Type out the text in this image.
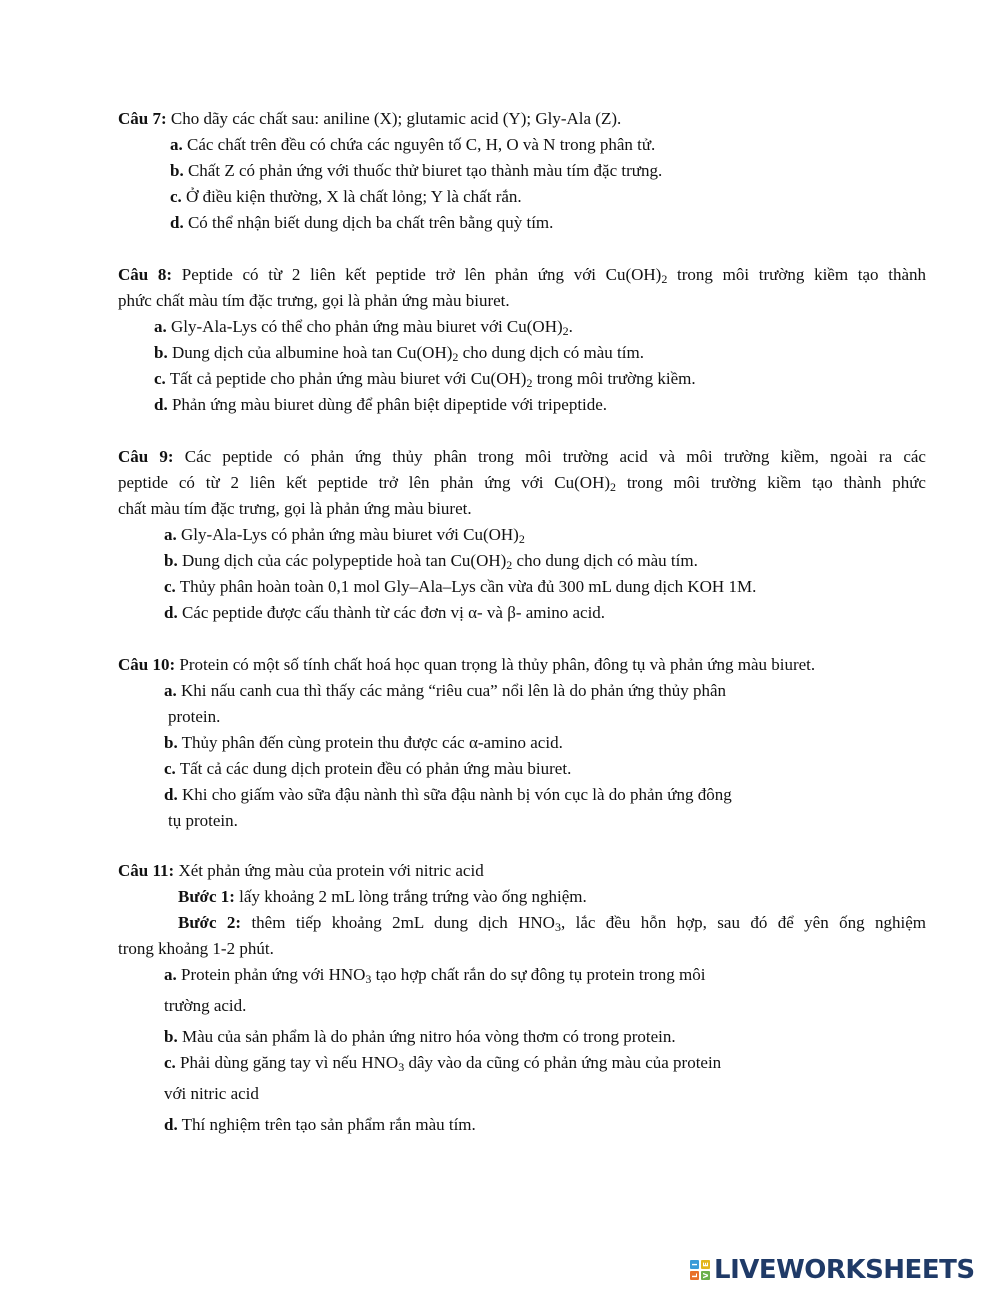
Câu 7: Cho dãy các chất sau: aniline (X); glutamic acid (Y); Gly-Ala (Z).

a. Các chất trên đều có chứa các nguyên tố C, H, O và N trong phân tử.

b. Chất Z có phản ứng với thuốc thử biuret tạo thành màu tím đặc trưng.

c. Ở điều kiện thường, X là chất lỏng; Y là chất rắn.

d. Có thể nhận biết dung dịch ba chất trên bằng quỳ tím.

Câu 8: Peptide có từ 2 liên kết peptide trở lên phản ứng với $Cu(OH)_2$ trong môi trường kiềm tạo thành

phức chất màu tím đặc trưng, gọi là phản ứng màu biuret.

a. Gly-Ala-Lys có thể cho phản ứng màu biuret với $Cu(OH)_2$.

b. Dung dịch của albumine hoà $\tan Cu(OH)_2$ cho dung dịch có màu tím.

c. Tất cả peptide cho phản ứng màu biuret với $Cu(OH)_2$ trong môi trường kiềm.

d. Phản ứng màu biuret dùng để phân biệt dipeptide với tripeptide.

Câu 9: Các peptide có phản ứng thủy phân trong môi trường acid và môi trường kiềm, ngoài ra các

peptide có từ 2 liên kết peptide trở lên phản ứng với $Cu(OH)_2$ trong môi trường kiềm tạo thành phức

chất màu tím đặc trưng, gọi là phản ứng màu biuret.

a. Gly-Ala-Lys có phản ứng màu biuret với $Cu(OH)_2$

b. Dung dịch của các polypeptide hoà $\tan Cu(OH)_2$ cho dung dịch có màu tím.

c. Thủy phân hoàn toàn 0,1 mol Gly–Ala–Lys cần vừa đủ 300 mL dung dịch KOH 1M.

d. Các peptide được cấu thành từ các đơn vị α- và β- amino acid.

Câu 10: Protein có một số tính chất hoá học quan trọng là thủy phân, đông tụ và phản ứng màu biuret.

a. Khi nấu canh cua thì thấy các mảng “riêu cua” nổi lên là do phản ứng thủy phân

protein.

b. Thủy phân đến cùng protein thu được các α-amino acid.

c. Tất cả các dung dịch protein đều có phản ứng màu biuret.

d. Khi cho giấm vào sữa đậu nành thì sữa đậu nành bị vón cục là do phản ứng đông

tụ protein.

Câu 11: Xét phản ứng màu của protein với nitric acid

Bước 1: lấy khoảng 2 mL lòng trắng trứng vào ống nghiệm.

Bước 2: thêm tiếp khoảng 2mL dung dịch $HNO_3$, lắc đều hỗn hợp, sau đó để yên ống nghiệm

trong khoảng 1-2 phút.

a. Protein phản ứng với $HNO_3$ tạo hợp chất rắn do sự đông tụ protein trong môi

trường acid.

b. Màu của sản phẩm là do phản ứng nitro hóa vòng thơm có trong protein.

c. Phải dùng găng tay vì nếu $HNO_3$ dây vào da cũng có phản ứng màu của protein

với nitric acid

d. Thí nghiệm trên tạo sản phẩm rắn màu tím.

L
I
V
E LIVEWORKSHEETS
